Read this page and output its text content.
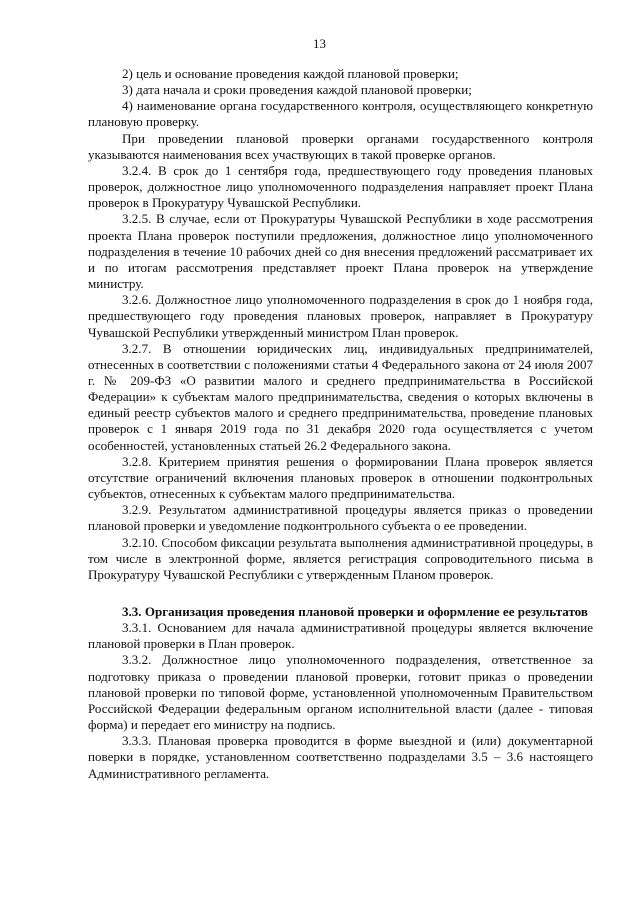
13

2) цель и основание проведения каждой плановой проверки;

3) дата начала и сроки проведения каждой плановой проверки;

4) наименование органа государственного контроля, осуществляющего конкретную плановую проверку.

При проведении плановой проверки органами государственного контроля указываются наименования всех участвующих в такой проверке органов.

3.2.4. В срок до 1 сентября года, предшествующего году проведения плановых проверок, должностное лицо уполномоченного подразделения направляет проект Плана проверок в Прокуратуру Чувашской Республики.

3.2.5. В случае, если от Прокуратуры Чувашской Республики в ходе рассмотрения проекта Плана проверок поступили предложения, должностное лицо уполномоченного подразделения в течение 10 рабочих дней со дня внесения предложений рассматривает их и по итогам рассмотрения представляет проект Плана проверок на утверждение министру.

3.2.6. Должностное лицо уполномоченного подразделения в срок до 1 ноября года, предшествующего году проведения плановых проверок, направляет в Прокуратуру Чувашской Республики утвержденный министром План проверок.

3.2.7. В отношении юридических лиц, индивидуальных предпринимателей, отнесенных в соответствии с положениями статьи 4 Федерального закона от 24 июля 2007 г. № 209-ФЗ «О развитии малого и среднего предпринимательства в Российской Федерации» к субъектам малого предпринимательства, сведения о которых включены в единый реестр субъектов малого и среднего предпринимательства, проведение плановых проверок с 1 января 2019 года по 31 декабря 2020 года осуществляется с учетом особенностей, установленных статьей 26.2 Федерального закона.

3.2.8. Критерием принятия решения о формировании Плана проверок является отсутствие ограничений включения плановых проверок в отношении подконтрольных субъектов, отнесенных к субъектам малого предпринимательства.

3.2.9. Результатом административной процедуры является приказ о проведении плановой проверки и уведомление подконтрольного субъекта о ее проведении.

3.2.10. Способом фиксации результата выполнения административной процедуры, в том числе в электронной форме, является регистрация сопроводительного письма в Прокуратуру Чувашской Республики с утвержденным Планом проверок.

3.3. Организация проведения плановой проверки и оформление ее результатов

3.3.1. Основанием для начала административной процедуры является включение плановой проверки в План проверок.

3.3.2. Должностное лицо уполномоченного подразделения, ответственное за подготовку приказа о проведении плановой проверки, готовит приказ о проведении плановой проверки по типовой форме, установленной уполномоченным Правительством Российской Федерации федеральным органом исполнительной власти (далее - типовая форма) и передает его министру на подпись.

3.3.3. Плановая проверка проводится в форме выездной и (или) документарной поверки в порядке, установленном соответственно подразделами 3.5 – 3.6 настоящего Административного регламента.
